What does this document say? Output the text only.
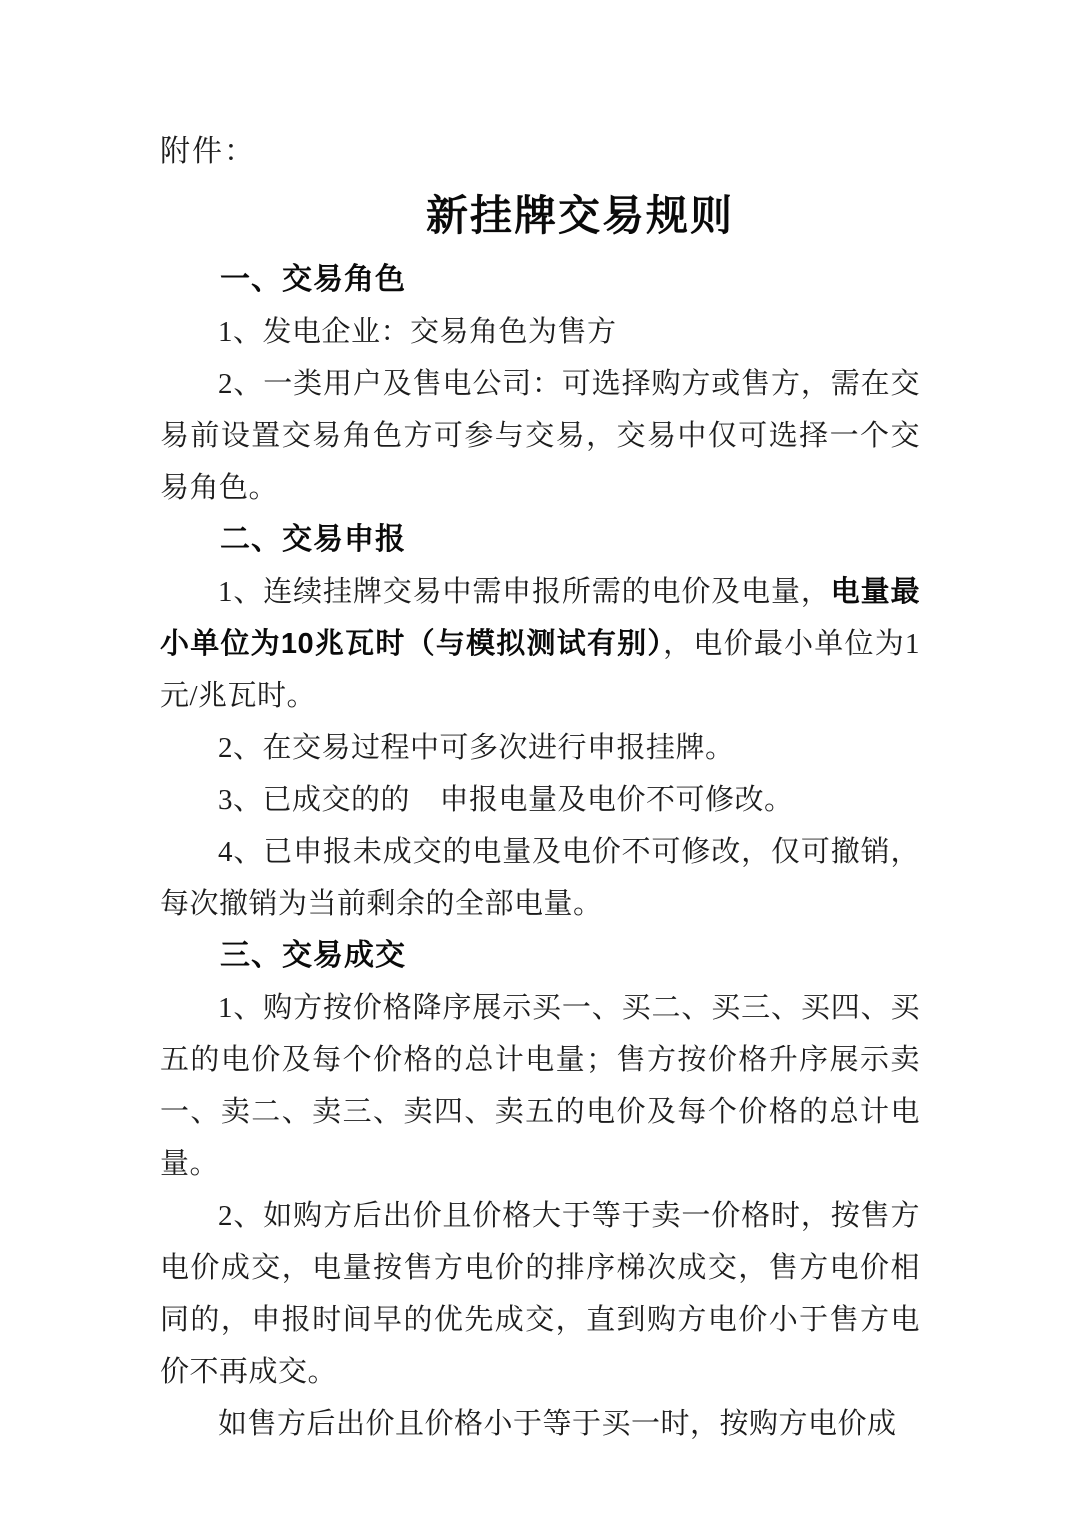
附件：
新挂牌交易规则
一、交易角色

1、发电企业：交易角色为售方

2、一类用户及售电公司：可选择购方或售方，需在交易前设置交易角色方可参与交易，交易中仅可选择一个交易角色。

二、交易申报

1、连续挂牌交易中需申报所需的电价及电量，电量最小单位为10兆瓦时（与模拟测试有别），电价最小单位为1元/兆瓦时。

2、在交易过程中可多次进行申报挂牌。

3、已成交的的　申报电量及电价不可修改。

4、已申报未成交的电量及电价不可修改，仅可撤销，每次撤销为当前剩余的全部电量。

三、交易成交

1、购方按价格降序展示买一、买二、买三、买四、买五的电价及每个价格的总计电量；售方按价格升序展示卖一、卖二、卖三、卖四、卖五的电价及每个价格的总计电量。

2、如购方后出价且价格大于等于卖一价格时，按售方电价成交，电量按售方电价的排序梯次成交，售方电价相同的，申报时间早的优先成交，直到购方电价小于售方电价不再成交。

如售方后出价且价格小于等于买一时，按购方电价成
